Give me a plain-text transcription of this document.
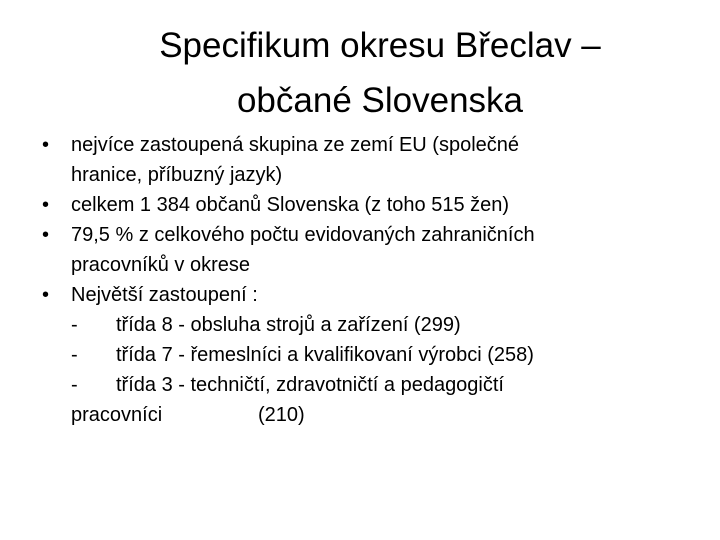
Specifikum okresu Břeclav –
občané Slovenska
• nejvíce zastoupená skupina ze zemí EU (společné
hranice, příbuzný jazyk)
• celkem 1 384 občanů Slovenska (z toho 515 žen)
• 79,5 % z celkového počtu evidovaných zahraničních
pracovníků v okrese
• Největší zastoupení :
- třída 8 - obsluha strojů a zařízení (299)
- třída 7 - řemeslníci a kvalifikovaní výrobci (258)
- třída 3 - techničtí, zdravotničtí a pedagogičtí
pracovníci	(210)
